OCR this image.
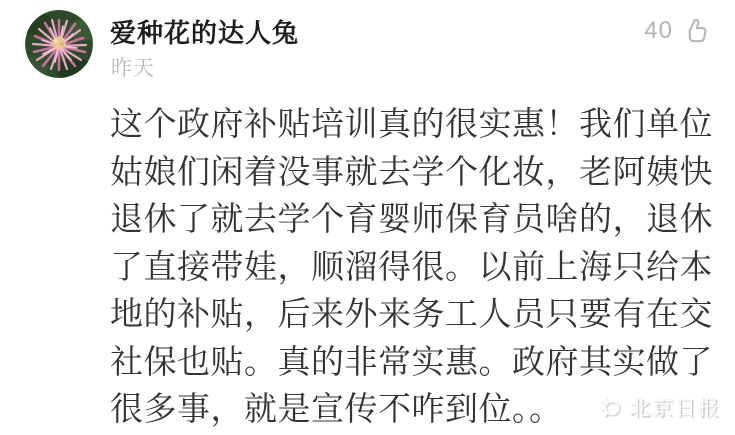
爱种花的达人兔
昨天
40
这个政府补贴培训真的很实惠！我们单位
姑娘们闲着没事就去学个化妆，老阿姨快
退休了就去学个育婴师保育员啥的，退休
了直接带娃，顺溜得很。以前上海只给本
地的补贴，后来外来务工人员只要有在交
社保也贴。真的非常实惠。政府其实做了
很多事，就是宣传不咋到位。。	北京日报
